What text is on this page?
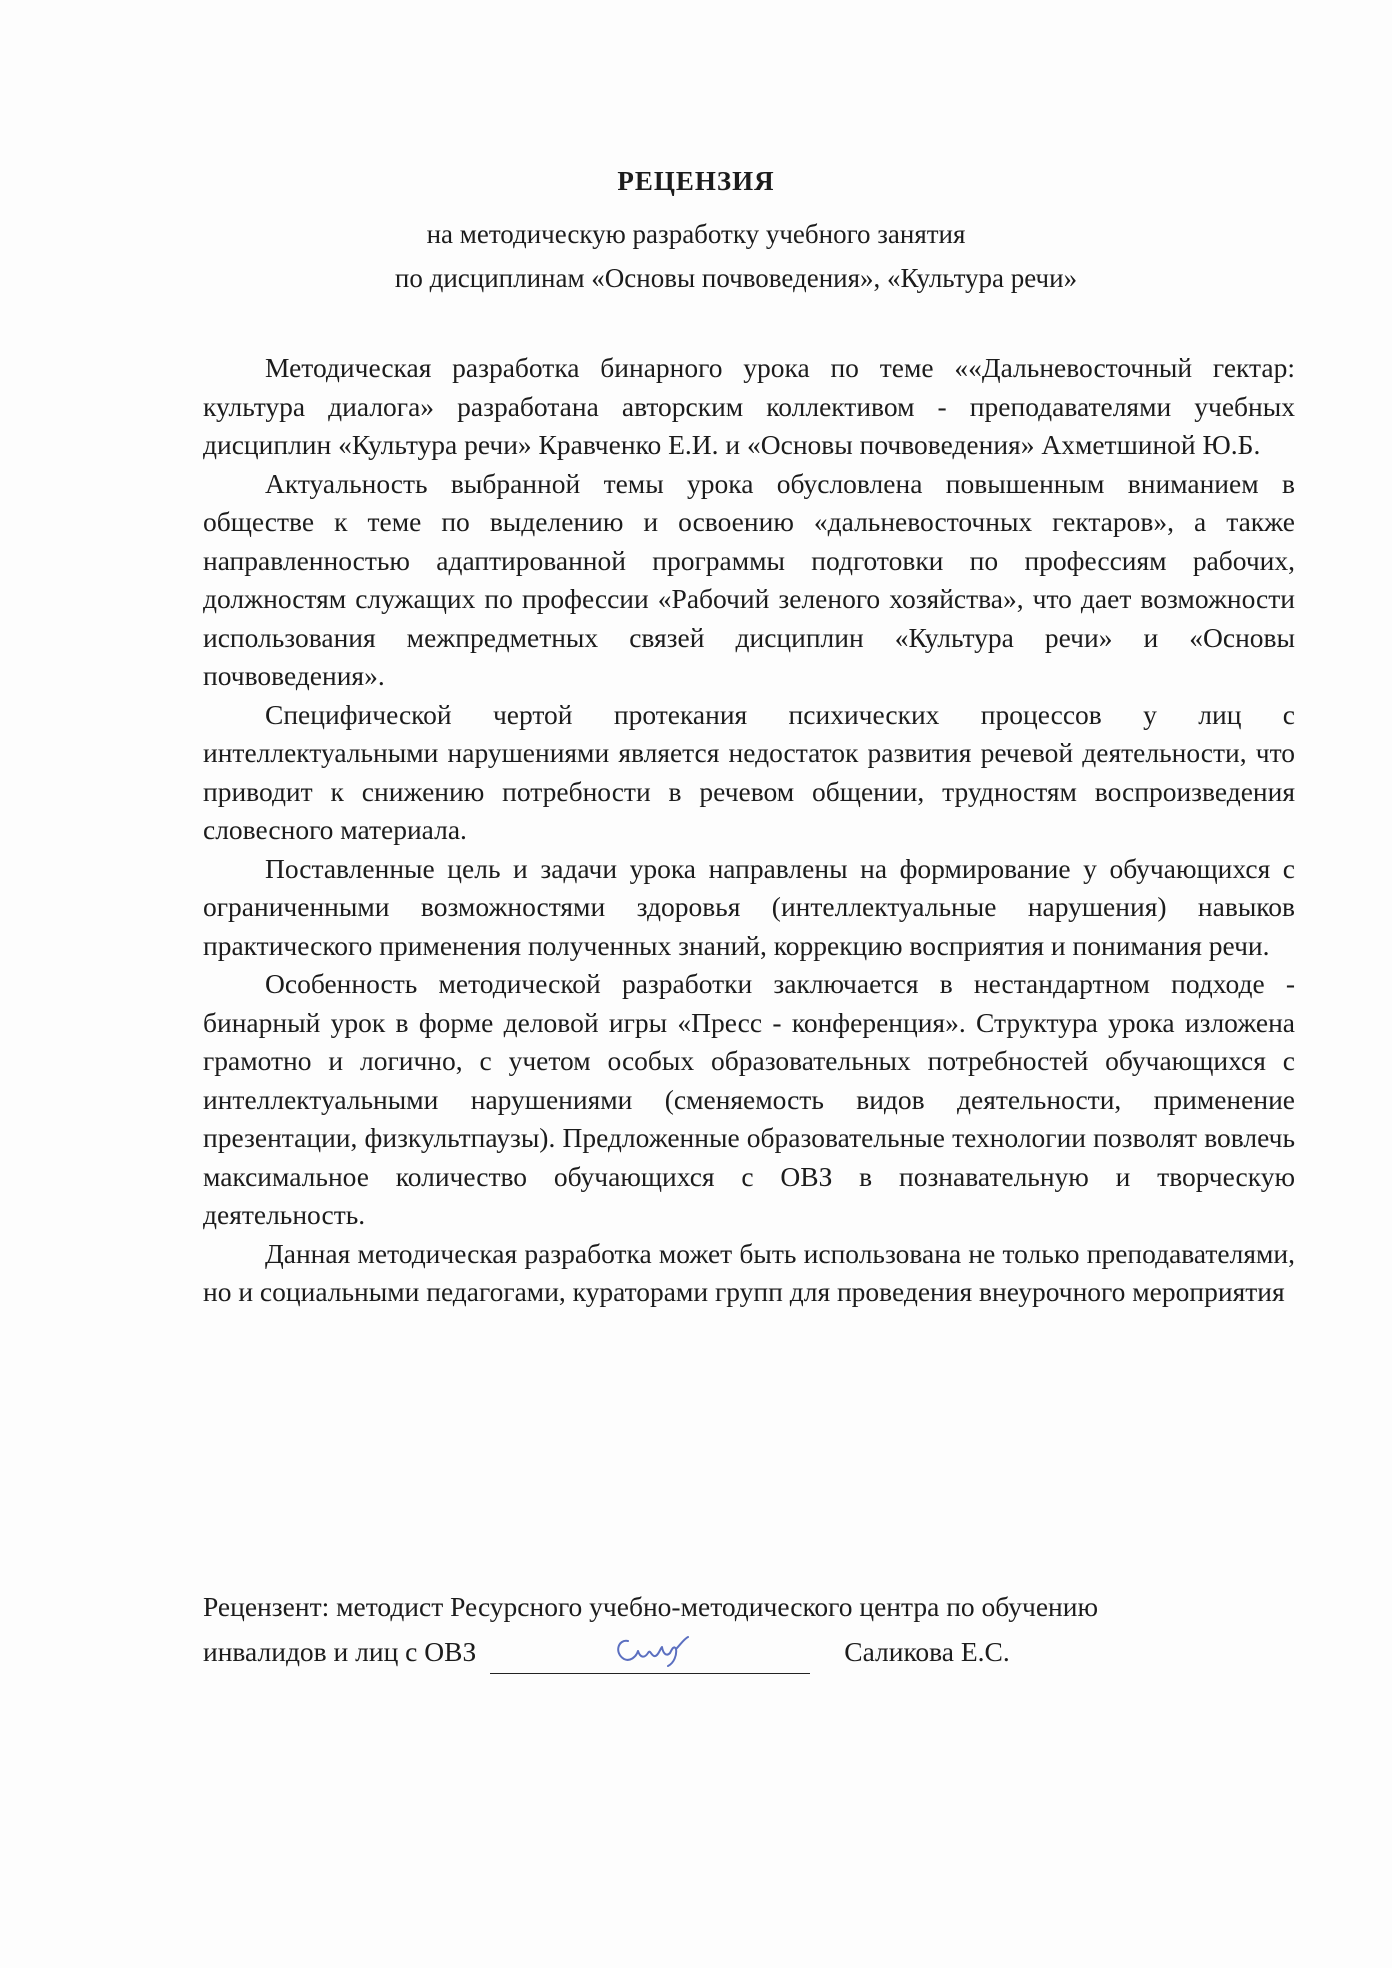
РЕЦЕНЗИЯ
на методическую разработку учебного занятия
по дисциплинам «Основы почвоведения», «Культура речи»

Методическая разработка бинарного урока по теме ««Дальневосточный гектар: культура диалога» разработана авторским коллективом - преподавателями учебных дисциплин «Культура речи» Кравченко Е.И. и «Основы почвоведения» Ахметшиной Ю.Б.

Актуальность выбранной темы урока обусловлена повышенным вниманием в обществе к теме по выделению и освоению «дальневосточных гектаров», а также направленностью адаптированной программы подготовки по профессиям рабочих, должностям служащих по профессии «Рабочий зеленого хозяйства», что дает возможности использования межпредметных связей дисциплин «Культура речи» и «Основы почвоведения».

Специфической чертой протекания психических процессов у лиц с интеллектуальными нарушениями является недостаток развития речевой деятельности, что приводит к снижению потребности в речевом общении, трудностям воспроизведения словесного материала.

Поставленные цель и задачи урока направлены на формирование у обучающихся с ограниченными возможностями здоровья (интеллектуальные нарушения) навыков практического применения полученных знаний, коррекцию восприятия и понимания речи.

Особенность методической разработки заключается в нестандартном подходе - бинарный урок в форме деловой игры «Пресс - конференция». Структура урока изложена грамотно и логично, с учетом особых образовательных потребностей обучающихся с интеллектуальными нарушениями (сменяемость видов деятельности, применение презентации, физкультпаузы). Предложенные образовательные технологии позволят вовлечь максимальное количество обучающихся с ОВЗ в познавательную и творческую деятельность.

Данная методическая разработка может быть использована не только преподавателями, но и социальными педагогами, кураторами групп для проведения внеурочного мероприятия

Рецензент: методист Ресурсного учебно-методического центра по обучению
инвалидов и лиц с ОВЗ	Саликова Е.С.
